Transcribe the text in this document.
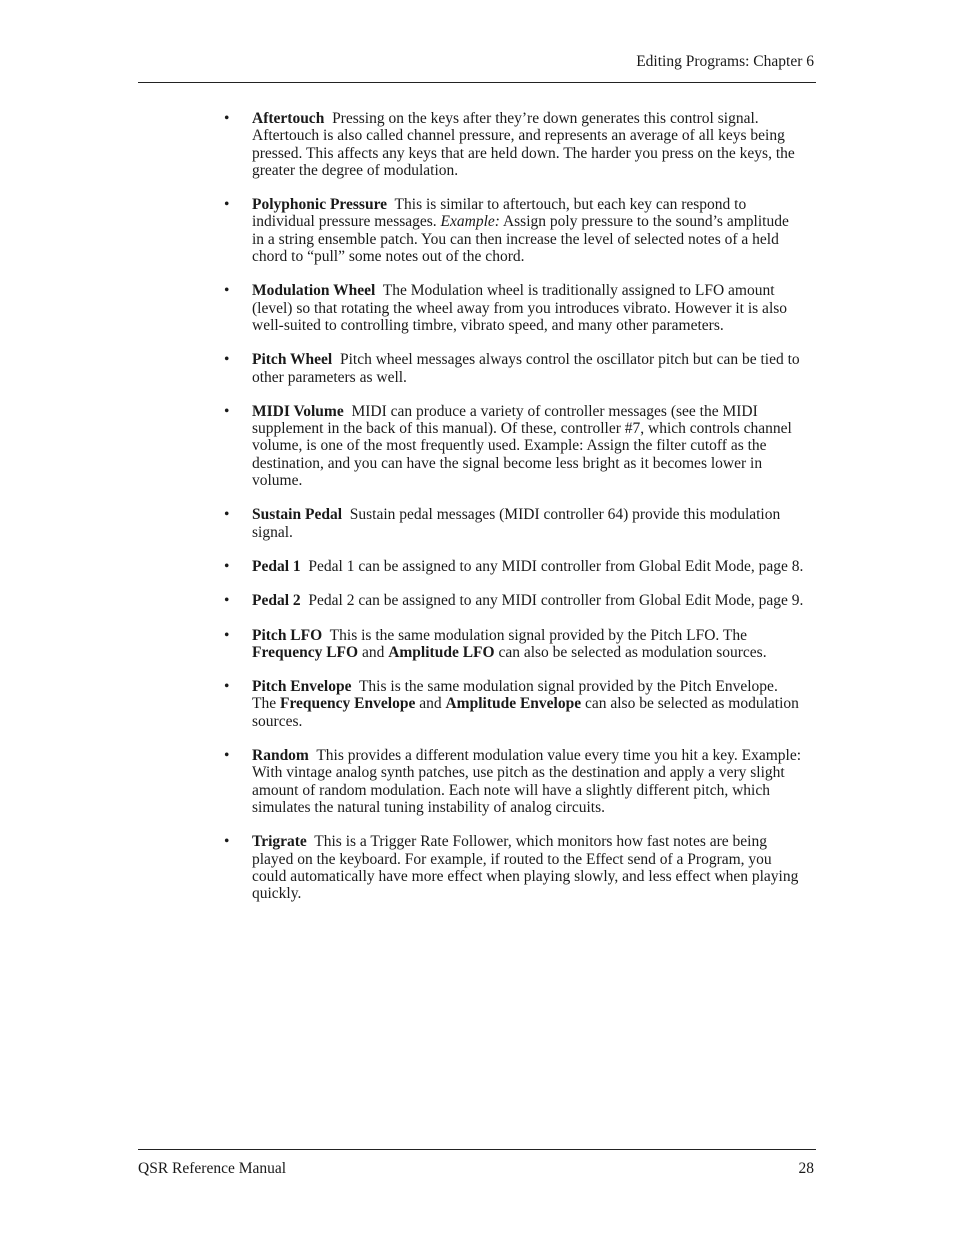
Editing Programs: Chapter 6
• Aftertouch Pressing on the keys after they’re down generates this control signal. Aftertouch is also called channel pressure, and represents an average of all keys being pressed. This affects any keys that are held down. The harder you press on the keys, the greater the degree of modulation.
• Polyphonic Pressure This is similar to aftertouch, but each key can respond to individual pressure messages. Example: Assign poly pressure to the sound’s amplitude in a string ensemble patch. You can then increase the level of selected notes of a held chord to “pull” some notes out of the chord.
• Modulation Wheel The Modulation wheel is traditionally assigned to LFO amount (level) so that rotating the wheel away from you introduces vibrato. However it is also well-suited to controlling timbre, vibrato speed, and many other parameters.
• Pitch Wheel Pitch wheel messages always control the oscillator pitch but can be tied to other parameters as well.
• MIDI Volume MIDI can produce a variety of controller messages (see the MIDI supplement in the back of this manual). Of these, controller #7, which controls channel volume, is one of the most frequently used. Example: Assign the filter cutoff as the destination, and you can have the signal become less bright as it becomes lower in volume.
• Sustain Pedal Sustain pedal messages (MIDI controller 64) provide this modulation signal.
• Pedal 1 Pedal 1 can be assigned to any MIDI controller from Global Edit Mode, page 8.
• Pedal 2 Pedal 2 can be assigned to any MIDI controller from Global Edit Mode, page 9.
• Pitch LFO This is the same modulation signal provided by the Pitch LFO. The Frequency LFO and Amplitude LFO can also be selected as modulation sources.
• Pitch Envelope This is the same modulation signal provided by the Pitch Envelope. The Frequency Envelope and Amplitude Envelope can also be selected as modulation sources.
• Random This provides a different modulation value every time you hit a key. Example: With vintage analog synth patches, use pitch as the destination and apply a very slight amount of random modulation. Each note will have a slightly different pitch, which simulates the natural tuning instability of analog circuits.
• Trigrate This is a Trigger Rate Follower, which monitors how fast notes are being played on the keyboard. For example, if routed to the Effect send of a Program, you could automatically have more effect when playing slowly, and less effect when playing quickly.
QSR Reference Manual	28
